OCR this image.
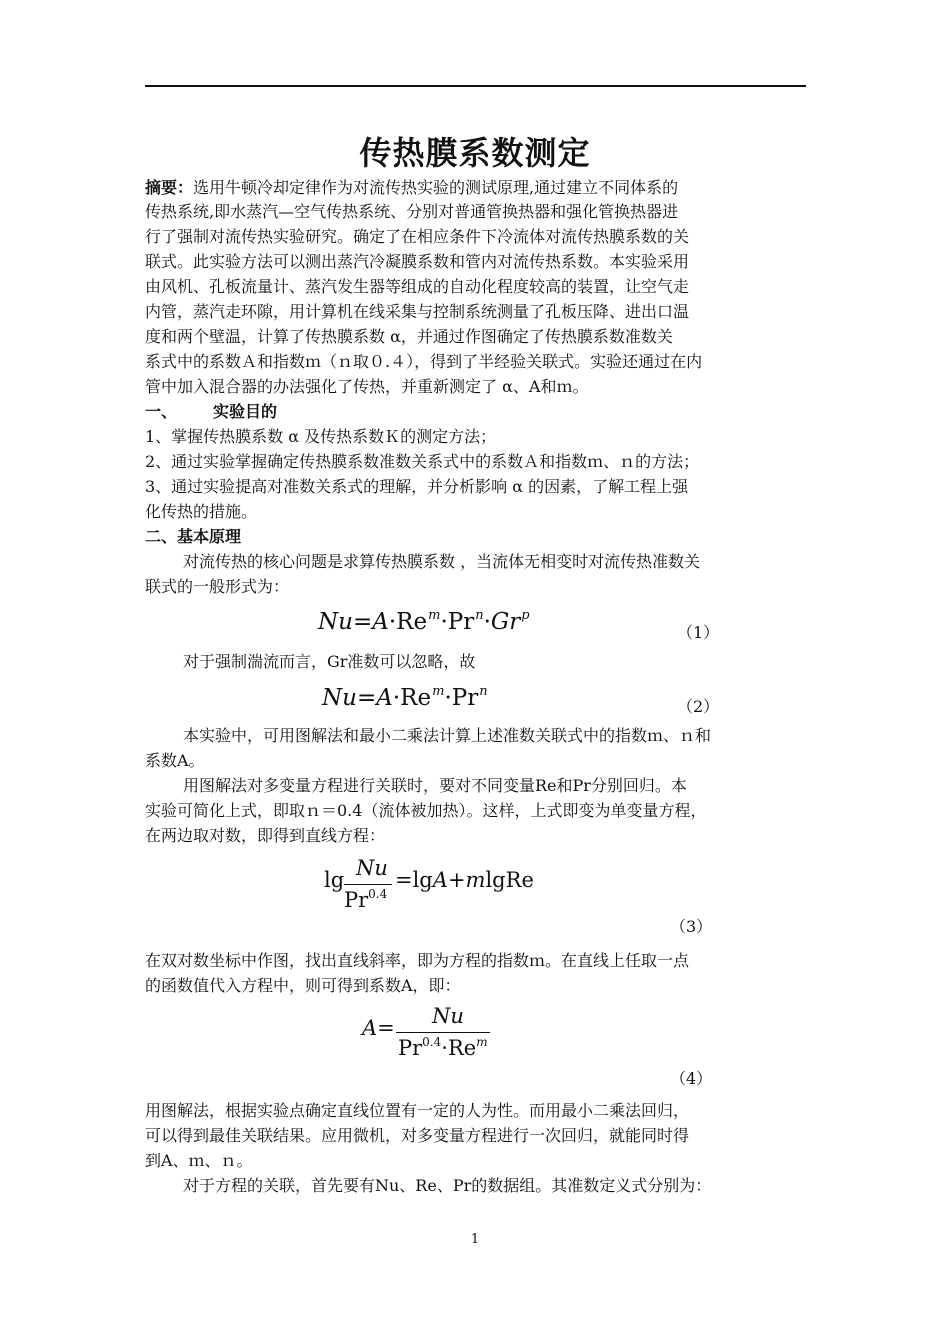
传热膜系数测定
摘要：选用牛顿冷却定律作为对流传热实验的测试原理,通过建立不同体系的
传热系统,即水蒸汽—空气传热系统、分别对普通管换热器和强化管换热器进
行了强制对流传热实验研究。确定了在相应条件下冷流体对流传热膜系数的关
联式。此实验方法可以测出蒸汽冷凝膜系数和管内对流传热系数。本实验采用
由风机、孔板流量计、蒸汽发生器等组成的自动化程度较高的装置，让空气走
内管，蒸汽走环隙，用计算机在线采集与控制系统测量了孔板压降、进出口温
度和两个壁温，计算了传热膜系数 α，并通过作图确定了传热膜系数准数关
系式中的系数Ａ和指数ｍ（ｎ取０.４），得到了半经验关联式。实验还通过在内
管中加入混合器的办法强化了传热，并重新测定了 α、A和ｍ。
一、 实验目的
1、掌握传热膜系数 α 及传热系数Ｋ的测定方法；
2、通过实验掌握确定传热膜系数准数关系式中的系数Ａ和指数ｍ、ｎ的方法；
3、通过实验提高对准数关系式的理解，并分析影响 α 的因素，了解工程上强
化传热的措施。
二、基本原理
对流传热的核心问题是求算传热膜系数 ，当流体无相变时对流传热准数关
联式的一般形式为：
$Nu=A\cdot Re^m\cdot Pr^n\cdot Gr^p$
（1）
对于强制湍流而言，Gr准数可以忽略，故
$Nu=A\cdot Re^m\cdot Pr^n$
（2）
本实验中，可用图解法和最小二乘法计算上述准数关联式中的指数ｍ、ｎ和
系数A。
用图解法对多变量方程进行关联时，要对不同变量Re和Pr分别回归。本
实验可简化上式，即取ｎ＝0.4（流体被加热）。这样，上式即变为单变量方程，
在两边取对数，即得到直线方程：
lg Nu
$Pr^{0.4}$
=lgA+mlgRe
（3）
在双对数坐标中作图，找出直线斜率，即为方程的指数ｍ。在直线上任取一点
的函数值代入方程中，则可得到系数A，即：
A= Nu
$Pr^{0.4}\cdot Re^m$
（4）
用图解法，根据实验点确定直线位置有一定的人为性。而用最小二乘法回归，
可以得到最佳关联结果。应用微机，对多变量方程进行一次回归，就能同时得
到A、ｍ、ｎ。
对于方程的关联，首先要有Nu、Re、Pr的数据组。其准数定义式分别为：
1
